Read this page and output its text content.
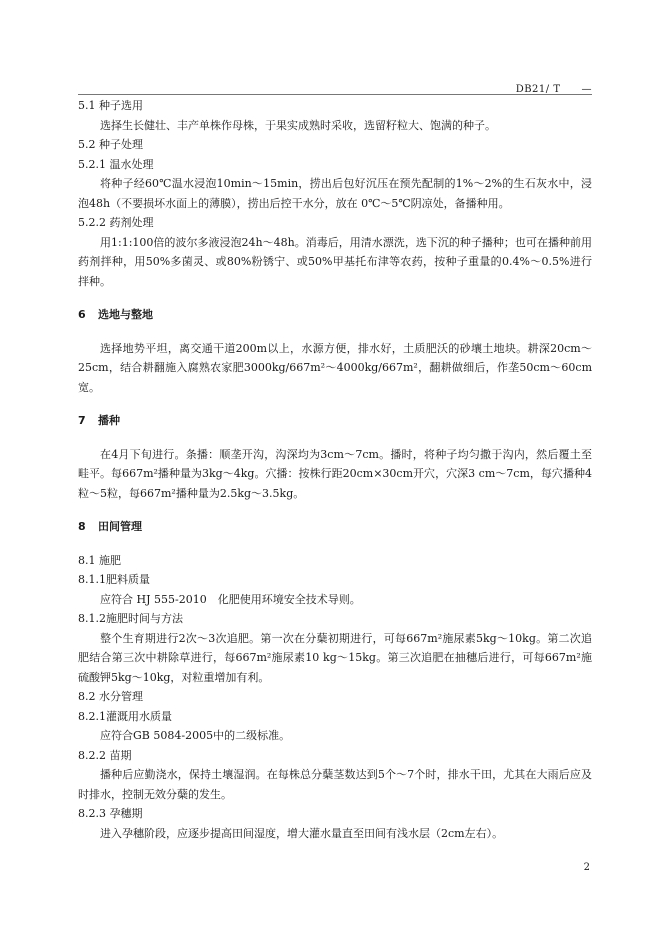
DB21/ T　　—

5.1 种子选用

选择生长健壮、丰产单株作母株，于果实成熟时采收，选留籽粒大、饱满的种子。

5.2 种子处理

5.2.1 温水处理

将种子经60℃温水浸泡10min～15min，捞出后包好沉压在预先配制的1%～2%的生石灰水中，浸泡48h（不要损坏水面上的薄膜），捞出后控干水分，放在 0℃～5℃阴凉处，备播种用。

5.2.2 药剂处理

用1:1:100倍的波尔多液浸泡24h～48h。消毒后，用清水漂洗，选下沉的种子播种；也可在播种前用药剂拌种，用50%多菌灵、或80%粉锈宁、或50%甲基托布津等农药，按种子重量的0.4%～0.5%进行拌种。

6 选地与整地

选择地势平坦，离交通干道200m以上，水源方便，排水好，土质肥沃的砂壤土地块。耕深20cm～25cm，结合耕翻施入腐熟农家肥3000kg/667m²～4000kg/667m²，翻耕做细后，作垄50cm～60cm宽。

7 播种

在4月下旬进行。条播：顺垄开沟，沟深均为3cm～7cm。播时，将种子均匀撒于沟内，然后覆土至畦平。每667m²播种量为3kg～4kg。穴播：按株行距20cm×30cm开穴，穴深3 cm～7cm，每穴播种4粒～5粒，每667m²播种量为2.5kg～3.5kg。

8 田间管理

8.1 施肥

8.1.1肥料质量

应符合 HJ 555-2010　化肥使用环境安全技术导则。

8.1.2施肥时间与方法

整个生育期进行2次～3次追肥。第一次在分蘖初期进行，可每667m²施尿素5kg～10kg。第二次追肥结合第三次中耕除草进行，每667m²施尿素10 kg～15kg。第三次追肥在抽穗后进行，可每667m²施硫酸钾5kg～10kg，对粒重增加有利。

8.2 水分管理

8.2.1灌溉用水质量

应符合GB 5084-2005中的二级标准。

8.2.2 苗期

播种后应勤浇水，保持土壤湿润。在每株总分蘖茎数达到5个～7个时，排水干田，尤其在大雨后应及时排水，控制无效分蘖的发生。

8.2.3 孕穗期

进入孕穗阶段，应逐步提高田间湿度，增大灌水量直至田间有浅水层（2cm左右）。

2
